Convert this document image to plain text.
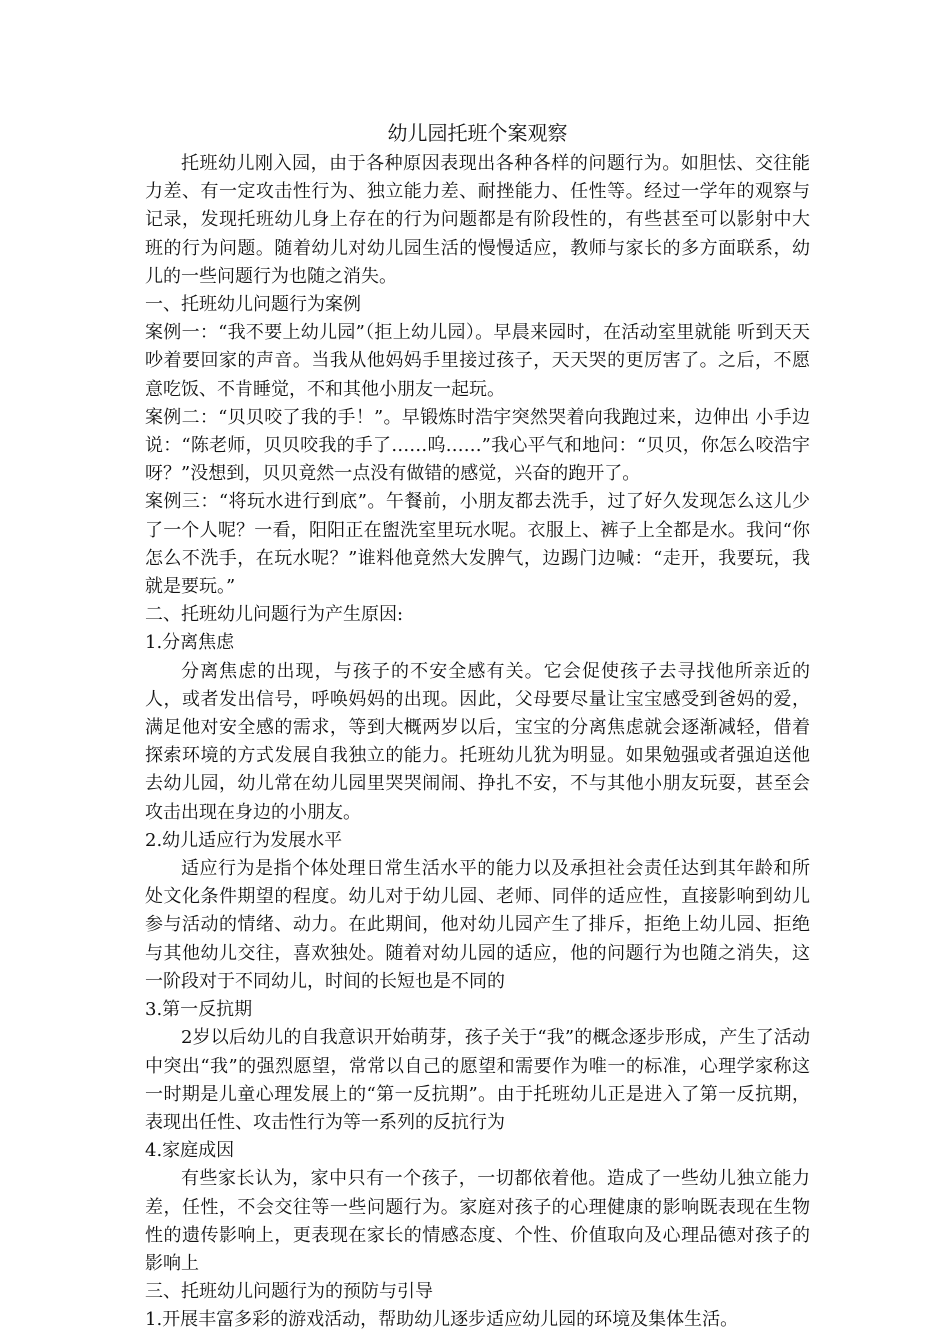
幼儿园托班个案观察

托班幼儿刚入园，由于各种原因表现出各种各样的问题行为。如胆怯、交往能力差、有一定攻击性行为、独立能力差、耐挫能力、任性等。经过一学年的观察与记录，发现托班幼儿身上存在的行为问题都是有阶段性的，有些甚至可以影射中大班的行为问题。随着幼儿对幼儿园生活的慢慢适应，教师与家长的多方面联系，幼儿的一些问题行为也随之消失。

一、托班幼儿问题行为案例

案例一：“我不要上幼儿园”（拒上幼儿园）。早晨来园时，在活动室里就能 听到天天吵着要回家的声音。当我从他妈妈手里接过孩子，天天哭的更厉害了。之后，不愿意吃饭、不肯睡觉，不和其他小朋友一起玩。

案例二：“贝贝咬了我的手！”。早锻炼时浩宇突然哭着向我跑过来，边伸出 小手边说：“陈老师，贝贝咬我的手了……呜……”我心平气和地问：“贝贝，你怎么咬浩宇呀？”没想到，贝贝竟然一点没有做错的感觉，兴奋的跑开了。

案例三：“将玩水进行到底”。午餐前，小朋友都去洗手，过了好久发现怎么这儿少了一个人呢？一看，阳阳正在盥洗室里玩水呢。衣服上、裤子上全都是水。我问“你怎么不洗手，在玩水呢？”谁料他竟然大发脾气，边踢门边喊：“走开，我要玩，我就是要玩。”

二、托班幼儿问题行为产生原因:

1.分离焦虑

分离焦虑的出现，与孩子的不安全感有关。它会促使孩子去寻找他所亲近的人，或者发出信号，呼唤妈妈的出现。因此，父母要尽量让宝宝感受到爸妈的爱，满足他对安全感的需求，等到大概两岁以后，宝宝的分离焦虑就会逐渐减轻，借着探索环境的方式发展自我独立的能力。托班幼儿犹为明显。如果勉强或者强迫送他去幼儿园，幼儿常在幼儿园里哭哭闹闹、挣扎不安，不与其他小朋友玩耍，甚至会攻击出现在身边的小朋友。

2.幼儿适应行为发展水平

适应行为是指个体处理日常生活水平的能力以及承担社会责任达到其年龄和所处文化条件期望的程度。幼儿对于幼儿园、老师、同伴的适应性，直接影响到幼儿参与活动的情绪、动力。在此期间，他对幼儿园产生了排斥，拒绝上幼儿园、拒绝与其他幼儿交往，喜欢独处。随着对幼儿园的适应，他的问题行为也随之消失，这一阶段对于不同幼儿，时间的长短也是不同的

3.第一反抗期

2岁以后幼儿的自我意识开始萌芽，孩子关于“我”的概念逐步形成，产生了活动中突出“我”的强烈愿望，常常以自己的愿望和需要作为唯一的标准，心理学家称这一时期是儿童心理发展上的“第一反抗期”。由于托班幼儿正是进入了第一反抗期，表现出任性、攻击性行为等一系列的反抗行为

4.家庭成因

有些家长认为，家中只有一个孩子，一切都依着他。造成了一些幼儿独立能力差，任性，不会交往等一些问题行为。家庭对孩子的心理健康的影响既表现在生物性的遗传影响上，更表现在家长的情感态度、个性、价值取向及心理品德对孩子的影响上

三、托班幼儿问题行为的预防与引导

1.开展丰富多彩的游戏活动，帮助幼儿逐步适应幼儿园的环境及集体生活。
